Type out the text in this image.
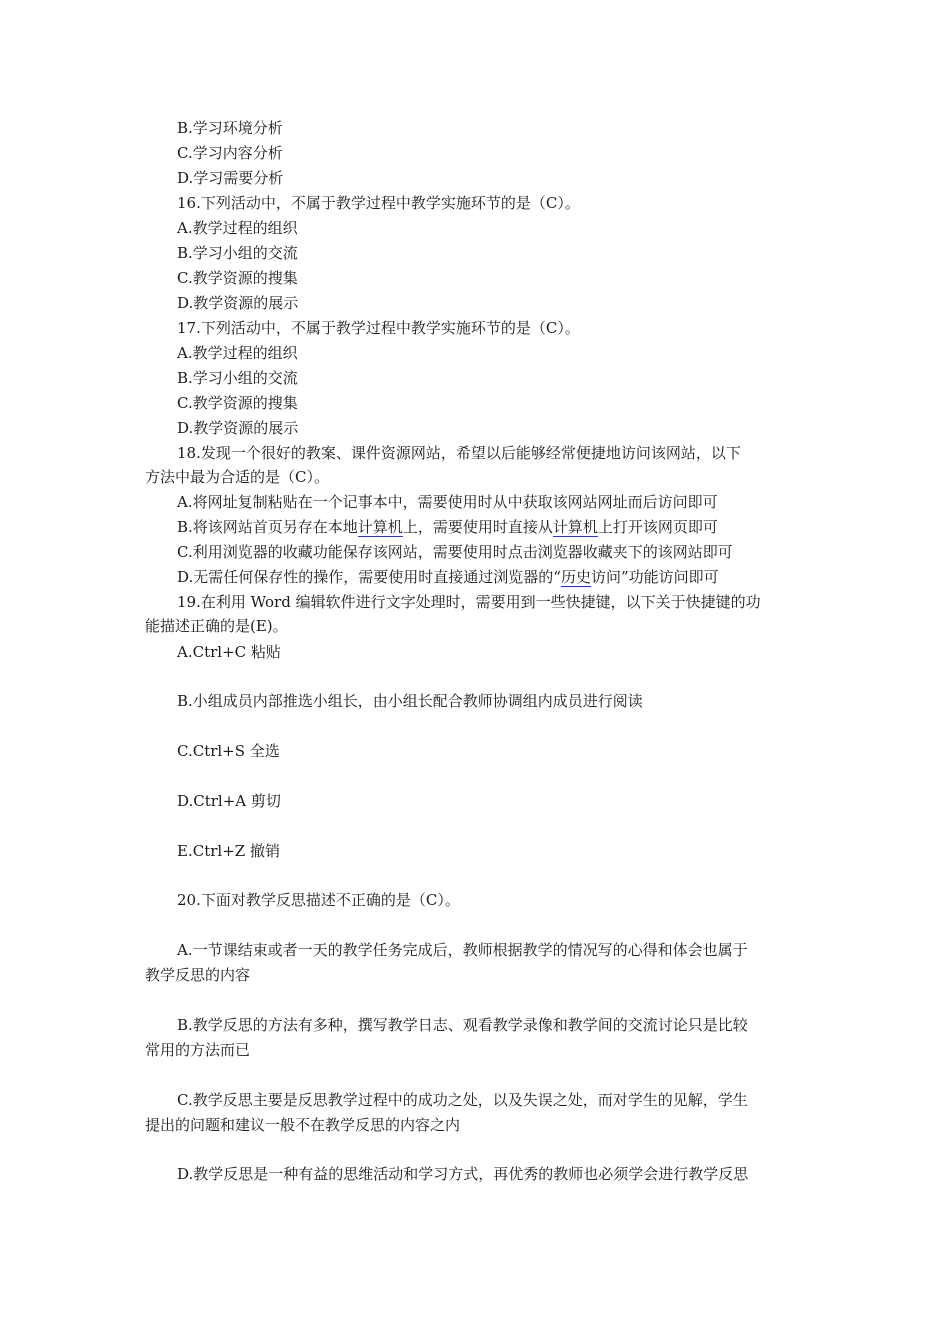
B.学习环境分析
C.学习内容分析
D.学习需要分析
16.下列活动中，不属于教学过程中教学实施环节的是（C）。
A.教学过程的组织
B.学习小组的交流
C.教学资源的搜集
D.教学资源的展示
17.下列活动中，不属于教学过程中教学实施环节的是（C）。
A.教学过程的组织
B.学习小组的交流
C.教学资源的搜集
D.教学资源的展示
18.发现一个很好的教案、课件资源网站，希望以后能够经常便捷地访问该网站，以下
方法中最为合适的是（C）。
A.将网址复制粘贴在一个记事本中，需要使用时从中获取该网站网址而后访问即可
B.将该网站首页另存在本地计算机上，需要使用时直接从计算机上打开该网页即可
C.利用浏览器的收藏功能保存该网站，需要使用时点击浏览器收藏夹下的该网站即可
D.无需任何保存性的操作，需要使用时直接通过浏览器的“历史访问”功能访问即可
19.在利用 Word 编辑软件进行文字处理时，需要用到一些快捷键，以下关于快捷键的功
能描述正确的是(E)。
A.Ctrl+C 粘贴
B.小组成员内部推选小组长，由小组长配合教师协调组内成员进行阅读
C.Ctrl+S 全选
D.Ctrl+A 剪切
E.Ctrl+Z 撤销
20.下面对教学反思描述不正确的是（C）。
A.一节课结束或者一天的教学任务完成后，教师根据教学的情况写的心得和体会也属于
教学反思的内容
B.教学反思的方法有多种，撰写教学日志、观看教学录像和教学间的交流讨论只是比较
常用的方法而已
C.教学反思主要是反思教学过程中的成功之处，以及失误之处，而对学生的见解，学生
提出的问题和建议一般不在教学反思的内容之内
D.教学反思是一种有益的思维活动和学习方式，再优秀的教师也必须学会进行教学反思
